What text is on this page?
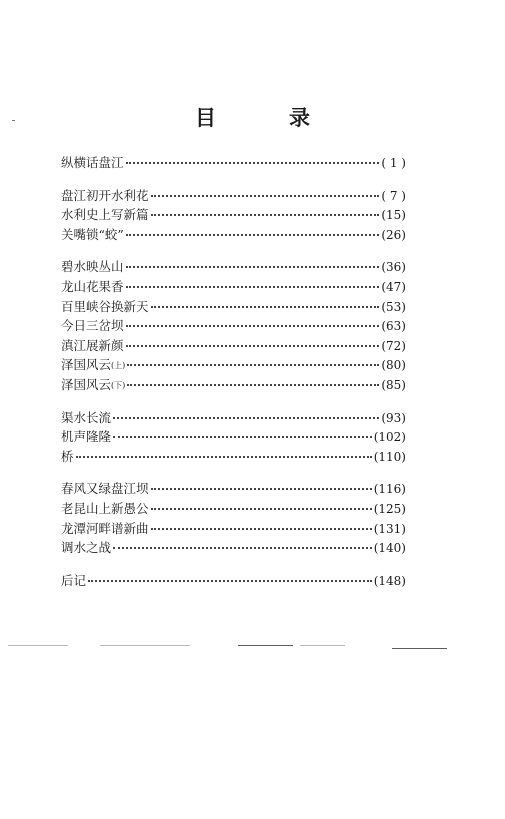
目　录
纵横话盘江	( 1 )
盘江初开水利花	( 7 )
水利史上写新篇	(15)
关嘴锁“蛟”	(26)
碧水映丛山	(36)
龙山花果香	(47)
百里峡谷换新天	(53)
今日三岔坝	(63)
滇江展新颜	(72)
泽国风云(上)	(80)
泽国风云(下)	(85)
渠水长流	(93)
机声隆隆	(102)
桥	(110)
春风又绿盘江坝	(116)
老昆山上新愚公	(125)
龙潭河畔谱新曲	(131)
调水之战	(140)
后记	(148)
